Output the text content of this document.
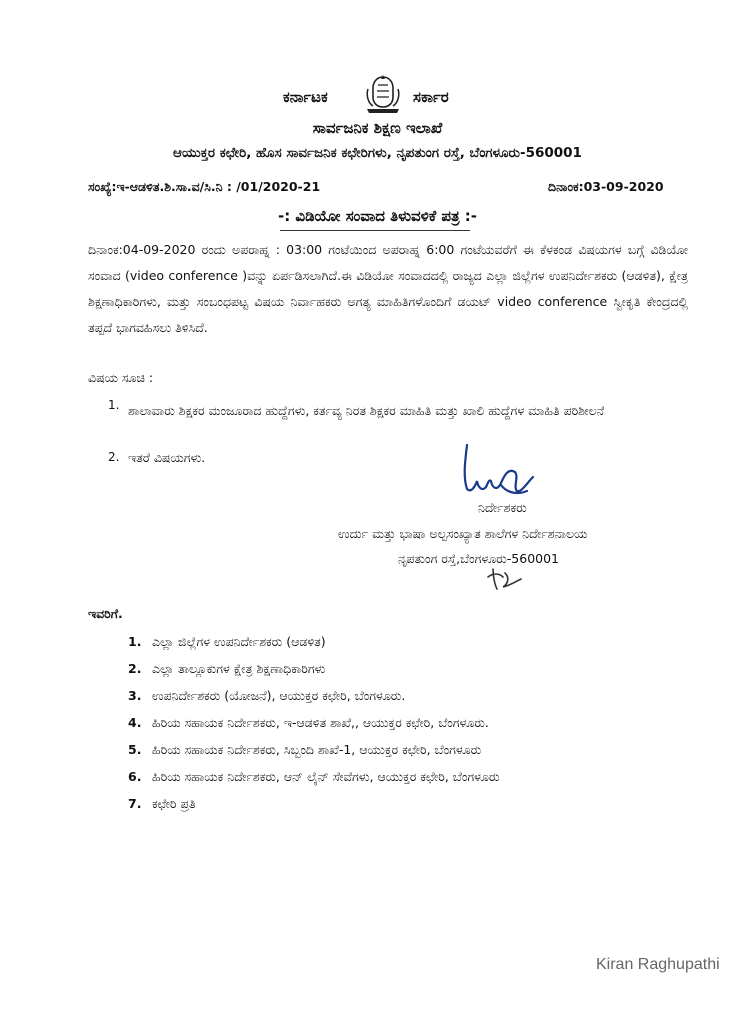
ಕರ್ನಾಟಕ	ಸರ್ಕಾರ
ಸಾರ್ವಜನಿಕ ಶಿಕ್ಷಣ ಇಲಾಖೆ
ಆಯುಕ್ತರ ಕಛೇರಿ, ಹೊಸ ಸಾರ್ವಜನಿಕ ಕಛೇರಿಗಳು, ನೃಪತುಂಗ ರಸ್ತೆ, ಬೆಂಗಳೂರು-560001
ಸಂಖ್ಯೆ:ಇ-ಆಡಳಿತ.ಶಿ.ಸಾ.ವ/ಸಿ.ನಿ : /01/2020-21	ದಿನಾಂಕ:03-09-2020
-: ವಿಡಿಯೋ ಸಂವಾದ ತಿಳುವಳಿಕೆ ಪತ್ರ :-
ದಿನಾಂಕ:04-09-2020 ರಂದು ಅಪರಾಹ್ನ : 03:00 ಗಂಟೆಯಿಂದ ಅಪರಾಹ್ನ 6:00 ಗಂಟೆಯವರೆಗೆ ಈ ಕೆಳಕಂಡ ವಿಷಯಗಳ ಬಗ್ಗೆ ವಿಡಿಯೋ ಸಂವಾದ (video conference )ವನ್ನು ಏರ್ಪಡಿಸಲಾಗಿದೆ.ಈ ವಿಡಿಯೋ ಸಂವಾದದಲ್ಲಿ ರಾಜ್ಯದ ಎಲ್ಲಾ ಜಿಲ್ಲೆಗಳ ಉಪನಿರ್ದೇಶಕರು (ಆಡಳಿತ), ಕ್ಷೇತ್ರ ಶಿಕ್ಷಣಾಧಿಕಾರಿಗಳು, ಮತ್ತು ಸಂಬಂಧಪಟ್ಟ ವಿಷಯ ನಿರ್ವಾಹಕರು ಅಗತ್ಯ ಮಾಹಿತಿಗಳೊಂದಿಗೆ ಡಯಟ್ video conference ಸ್ವೀಕೃತಿ ಕೇಂದ್ರದಲ್ಲಿ ತಪ್ಪದೆ ಭಾಗವಹಿಸಲು ತಿಳಿಸಿದೆ.
ವಿಷಯ ಸೂಚಿ :
1. ಶಾಲಾವಾರು ಶಿಕ್ಷಕರ ಮಂಜೂರಾದ ಹುದ್ದೆಗಳು, ಕರ್ತವ್ಯ ನಿರತ ಶಿಕ್ಷಕರ ಮಾಹಿತಿ ಮತ್ತು ಖಾಲಿ ಹುದ್ದೆಗಳ ಮಾಹಿತಿ ಪರಿಶೀಲನೆ
2. ಇತರೆ ವಿಷಯಗಳು.
ನಿರ್ದೇಶಕರು
ಉರ್ದು ಮತ್ತು ಭಾಷಾ ಅಲ್ಪಸಂಖ್ಯಾತ ಶಾಲೆಗಳ ನಿರ್ದೇಶನಾಲಯ
ನೃಪತುಂಗ ರಸ್ತೆ,ಬೆಂಗಳೂರು-560001
ಇವರಿಗೆ.
1. ಎಲ್ಲಾ ಜಿಲ್ಲೆಗಳ ಉಪನಿರ್ದೇಶಕರು (ಆಡಳಿತ)
2. ಎಲ್ಲಾ ತಾಲ್ಲೂಕುಗಳ ಕ್ಷೇತ್ರ ಶಿಕ್ಷಣಾಧಿಕಾರಿಗಳು
3. ಉಪನಿರ್ದೇಶಕರು (ಯೋಜನೆ), ಆಯುಕ್ತರ ಕಛೇರಿ, ಬೆಂಗಳೂರು.
4. ಹಿರಿಯ ಸಹಾಯಕ ನಿರ್ದೇಶಕರು, ಇ-ಆಡಳಿತ ಶಾಖೆ,, ಆಯುಕ್ತರ ಕಛೇರಿ, ಬೆಂಗಳೂರು.
5. ಹಿರಿಯ ಸಹಾಯಕ ನಿರ್ದೇಶಕರು, ಸಿಬ್ಬಂದಿ ಶಾಖೆ-1, ಆಯುಕ್ತರ ಕಛೇರಿ, ಬೆಂಗಳೂರು
6. ಹಿರಿಯ ಸಹಾಯಕ ನಿರ್ದೇಶಕರು, ಆನ್ ಲೈನ್ ಸೇವೆಗಳು, ಆಯುಕ್ತರ ಕಛೇರಿ, ಬೆಂಗಳೂರು
7. ಕಛೇರಿ ಪ್ರತಿ
Kiran Raghupathi
